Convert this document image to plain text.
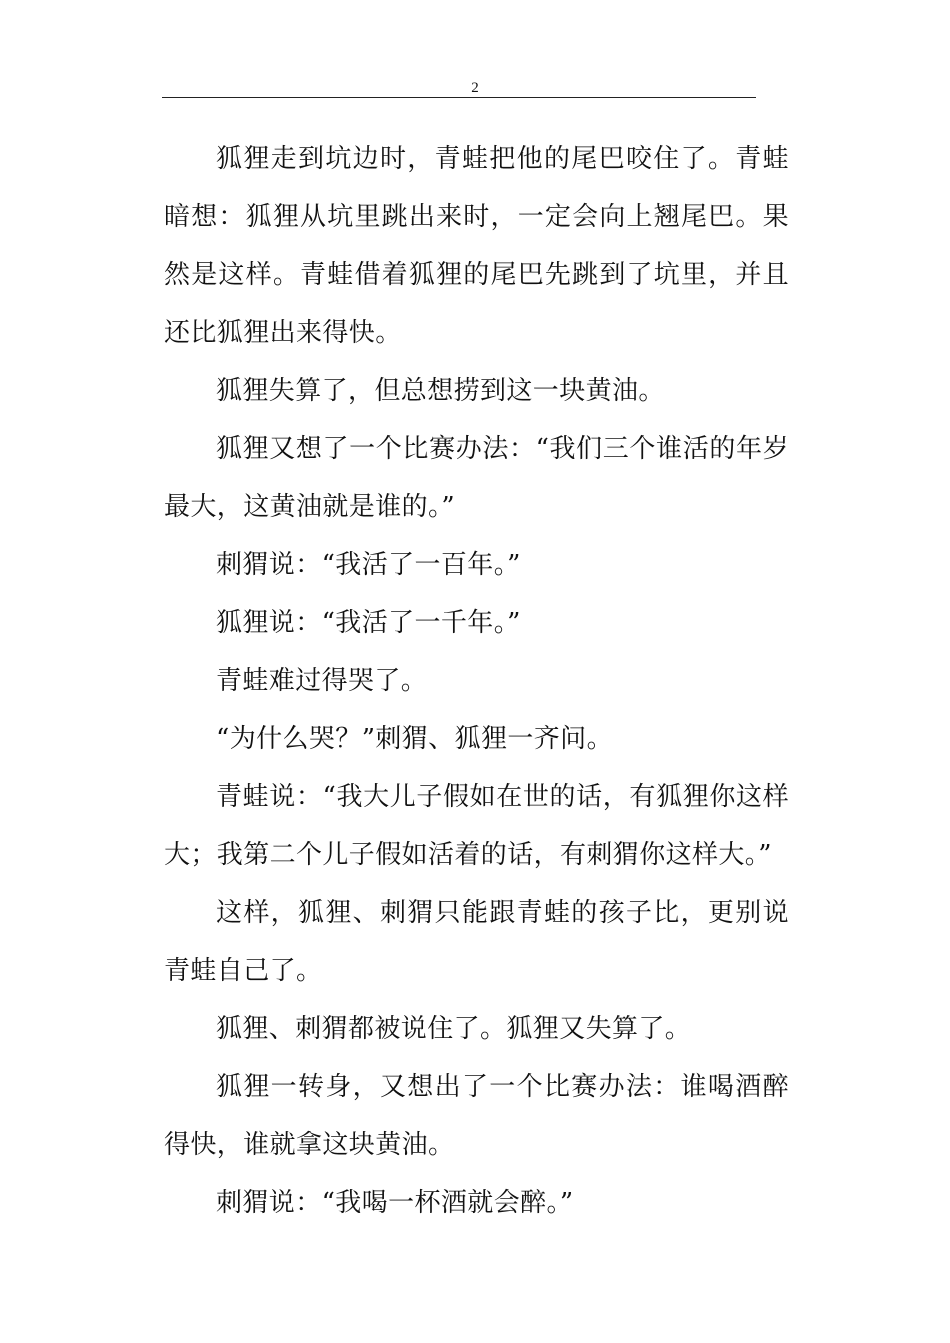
2

狐狸走到坑边时，青蛙把他的尾巴咬住了。青蛙暗想：狐狸从坑里跳出来时，一定会向上翘尾巴。果然是这样。青蛙借着狐狸的尾巴先跳到了坑里，并且还比狐狸出来得快。

狐狸失算了，但总想捞到这一块黄油。

狐狸又想了一个比赛办法：“我们三个谁活的年岁最大，这黄油就是谁的。”

刺猬说：“我活了一百年。”

狐狸说：“我活了一千年。”

青蛙难过得哭了。

“为什么哭？”刺猬、狐狸一齐问。

青蛙说：“我大儿子假如在世的话，有狐狸你这样大；我第二个儿子假如活着的话，有刺猬你这样大。”

这样，狐狸、刺猬只能跟青蛙的孩子比，更别说青蛙自己了。

狐狸、刺猬都被说住了。狐狸又失算了。

狐狸一转身，又想出了一个比赛办法：谁喝酒醉得快，谁就拿这块黄油。

刺猬说：“我喝一杯酒就会醉。”
